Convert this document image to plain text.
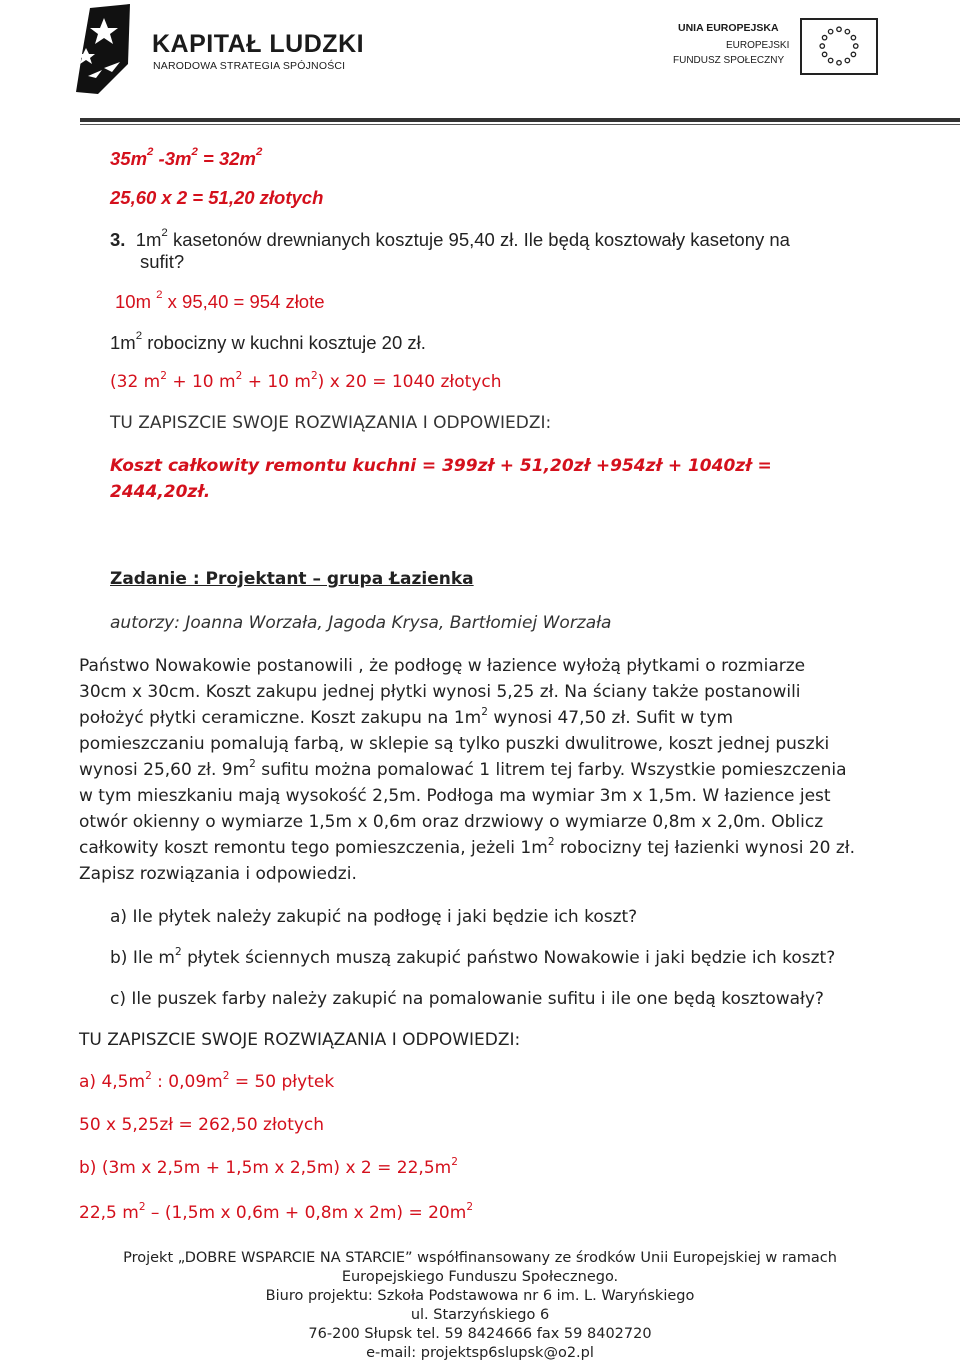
KAPITAŁ LUDZKI
NARODOWA STRATEGIA SPÓJNOŚCI
UNIA EUROPEJSKA
EUROPEJSKI
FUNDUSZ SPOŁECZNY
$35m^2$ $-3m^2 = 32m^2$
25,60 x 2 = 51,20 złotych
3. $1m^2$ kasetonów drewnianych kosztuje 95,40 zł. Ile będą kosztowały kasetony na
sufit?
10m $^2$ x 95,40 = 954 złote
$1m^2$ robocizny w kuchni kosztuje 20 zł.
(32 $m^2 + 10$ $m^2 + 10$ $m^2$) x 20 = 1040 złotych
TU ZAPISZCIE SWOJE ROZWIĄZANIA I ODPOWIEDZI:
Koszt całkowity remontu kuchni = 399zł + 51,20zł +954zł + 1040zł =
2444,20zł.
Zadanie : Projektant – grupa Łazienka
autorzy: Joanna Worzała, Jagoda Krysa, Bartłomiej Worzała
Państwo Nowakowie postanowili , że podłogę w łazience wyłożą płytkami o rozmiarze
30cm x 30cm. Koszt zakupu jednej płytki wynosi 5,25 zł. Na ściany także postanowili
położyć płytki ceramiczne. Koszt zakupu na $1m^2$ wynosi 47,50 zł. Sufit w tym
pomieszczaniu pomalują farbą, w sklepie są tylko puszki dwulitrowe, koszt jednej puszki
wynosi 25,60 zł. $9m^2$ sufitu można pomalować 1 litrem tej farby. Wszystkie pomieszczenia
w tym mieszkaniu mają wysokość 2,5m. Podłoga ma wymiar 3m x 1,5m. W łazience jest
otwór okienny o wymiarze 1,5m x 0,6m oraz drzwiowy o wymiarze 0,8m x 2,0m. Oblicz
całkowity koszt remontu tego pomieszczenia, jeżeli $1m^2$ robocizny tej łazienki wynosi 20 zł.
Zapisz rozwiązania i odpowiedzi.
a) Ile płytek należy zakupić na podłogę i jaki będzie ich koszt?
b) Ile $m^2$ płytek ściennych muszą zakupić państwo Nowakowie i jaki będzie ich koszt?
c) Ile puszek farby należy zakupić na pomalowanie sufitu i ile one będą kosztowały?
TU ZAPISZCIE SWOJE ROZWIĄZANIA I ODPOWIEDZI:
a) $4,5m^2$ : $0,09m^2 = 50$ płytek
50 x 5,25zł = 262,50 złotych
b) (3m x 2,5m + 1,5m x 2,5m) x $2 = 22,5m^2$
22,5 $m^2 - (1,5m$ x 0,6m + 0,8m x $2m) = 20m^2$
Projekt „DOBRE WSPARCIE NA STARCIE” współfinansowany ze środków Unii Europejskiej w ramach
Europejskiego Funduszu Społecznego.
Biuro projektu: Szkoła Podstawowa nr 6 im. L. Waryńskiego
ul. Starzyńskiego 6
76-200 Słupsk tel. 59 8424666 fax 59 8402720
e-mail: projektsp6slupsk@o2.pl
